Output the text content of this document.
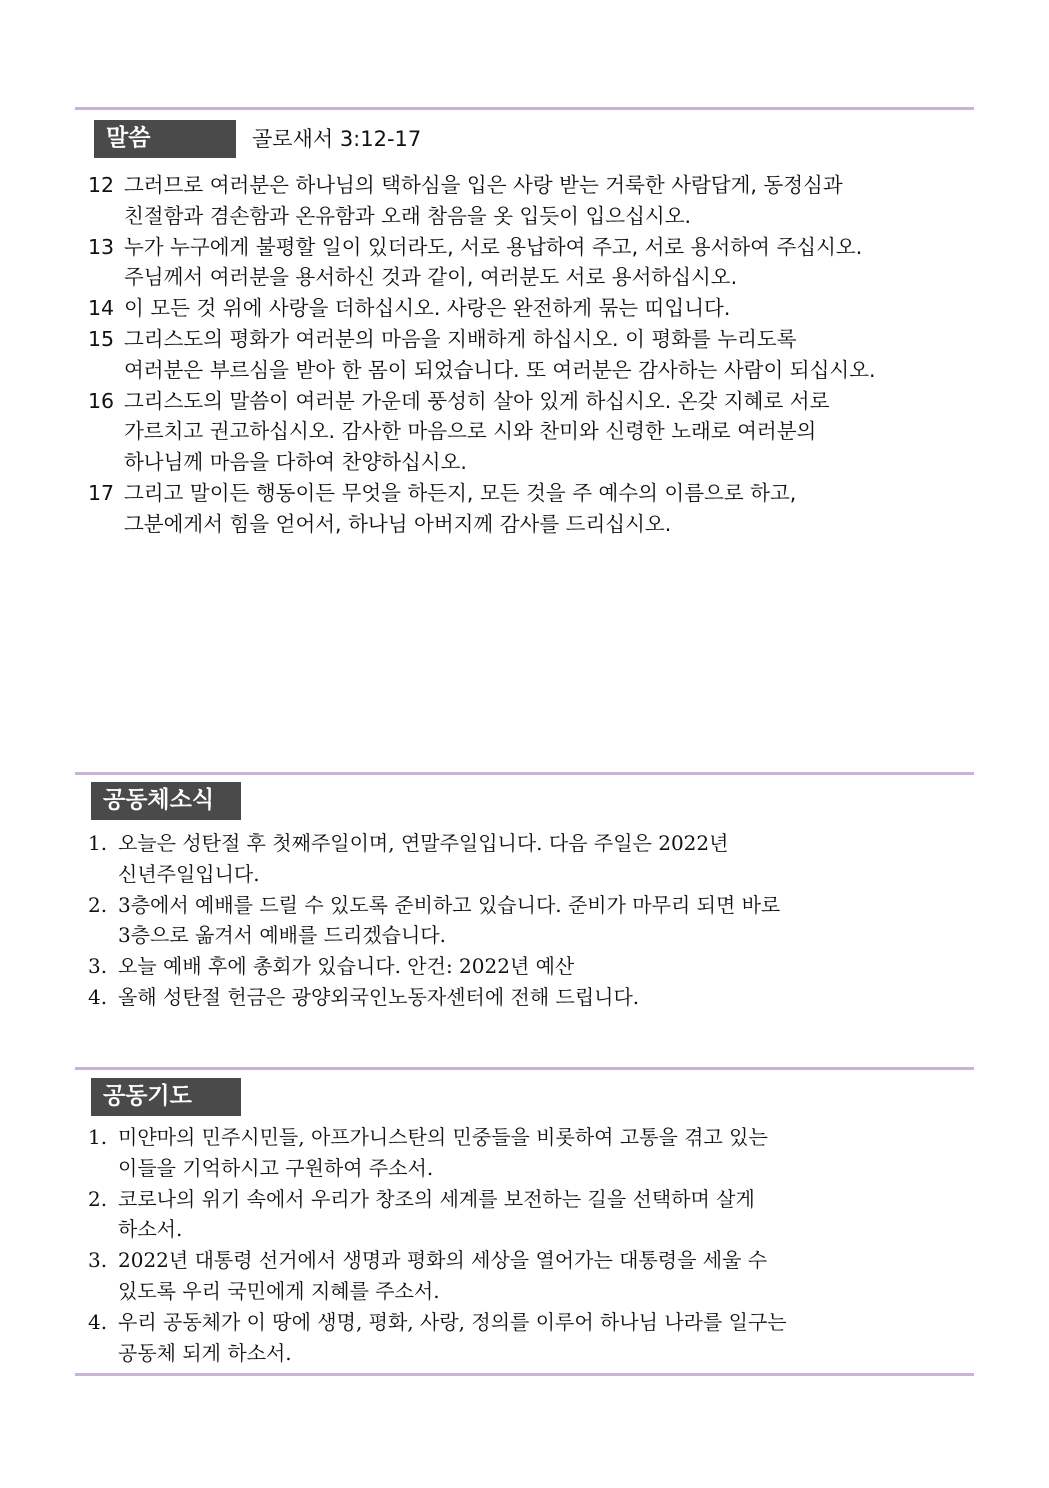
말씀	골로새서 3:12-17
12 그러므로 여러분은 하나님의 택하심을 입은 사랑 받는 거룩한 사람답게, 동정심과
친절함과 겸손함과 온유함과 오래 참음을 옷 입듯이 입으십시오.
13 누가 누구에게 불평할 일이 있더라도, 서로 용납하여 주고, 서로 용서하여 주십시오.
주님께서 여러분을 용서하신 것과 같이, 여러분도 서로 용서하십시오.
14 이 모든 것 위에 사랑을 더하십시오. 사랑은 완전하게 묶는 띠입니다.
15 그리스도의 평화가 여러분의 마음을 지배하게 하십시오. 이 평화를 누리도록
여러분은 부르심을 받아 한 몸이 되었습니다. 또 여러분은 감사하는 사람이 되십시오.
16 그리스도의 말씀이 여러분 가운데 풍성히 살아 있게 하십시오. 온갖 지혜로 서로
가르치고 권고하십시오. 감사한 마음으로 시와 찬미와 신령한 노래로 여러분의
하나님께 마음을 다하여 찬양하십시오.
17 그리고 말이든 행동이든 무엇을 하든지, 모든 것을 주 예수의 이름으로 하고,
그분에게서 힘을 얻어서, 하나님 아버지께 감사를 드리십시오.
공동체소식
1. 오늘은 성탄절 후 첫째주일이며, 연말주일입니다. 다음 주일은 2022년
신년주일입니다.
2. 3층에서 예배를 드릴 수 있도록 준비하고 있습니다. 준비가 마무리 되면 바로
3층으로 옮겨서 예배를 드리겠습니다.
3. 오늘 예배 후에 총회가 있습니다. 안건: 2022년 예산
4. 올해 성탄절 헌금은 광양외국인노동자센터에 전해 드립니다.
공동기도
1. 미얀마의 민주시민들, 아프가니스탄의 민중들을 비롯하여 고통을 겪고 있는
이들을 기억하시고 구원하여 주소서.
2. 코로나의 위기 속에서 우리가 창조의 세계를 보전하는 길을 선택하며 살게
하소서.
3. 2022년 대통령 선거에서 생명과 평화의 세상을 열어가는 대통령을 세울 수
있도록 우리 국민에게 지혜를 주소서.
4. 우리 공동체가 이 땅에 생명, 평화, 사랑, 정의를 이루어 하나님 나라를 일구는
공동체 되게 하소서.
